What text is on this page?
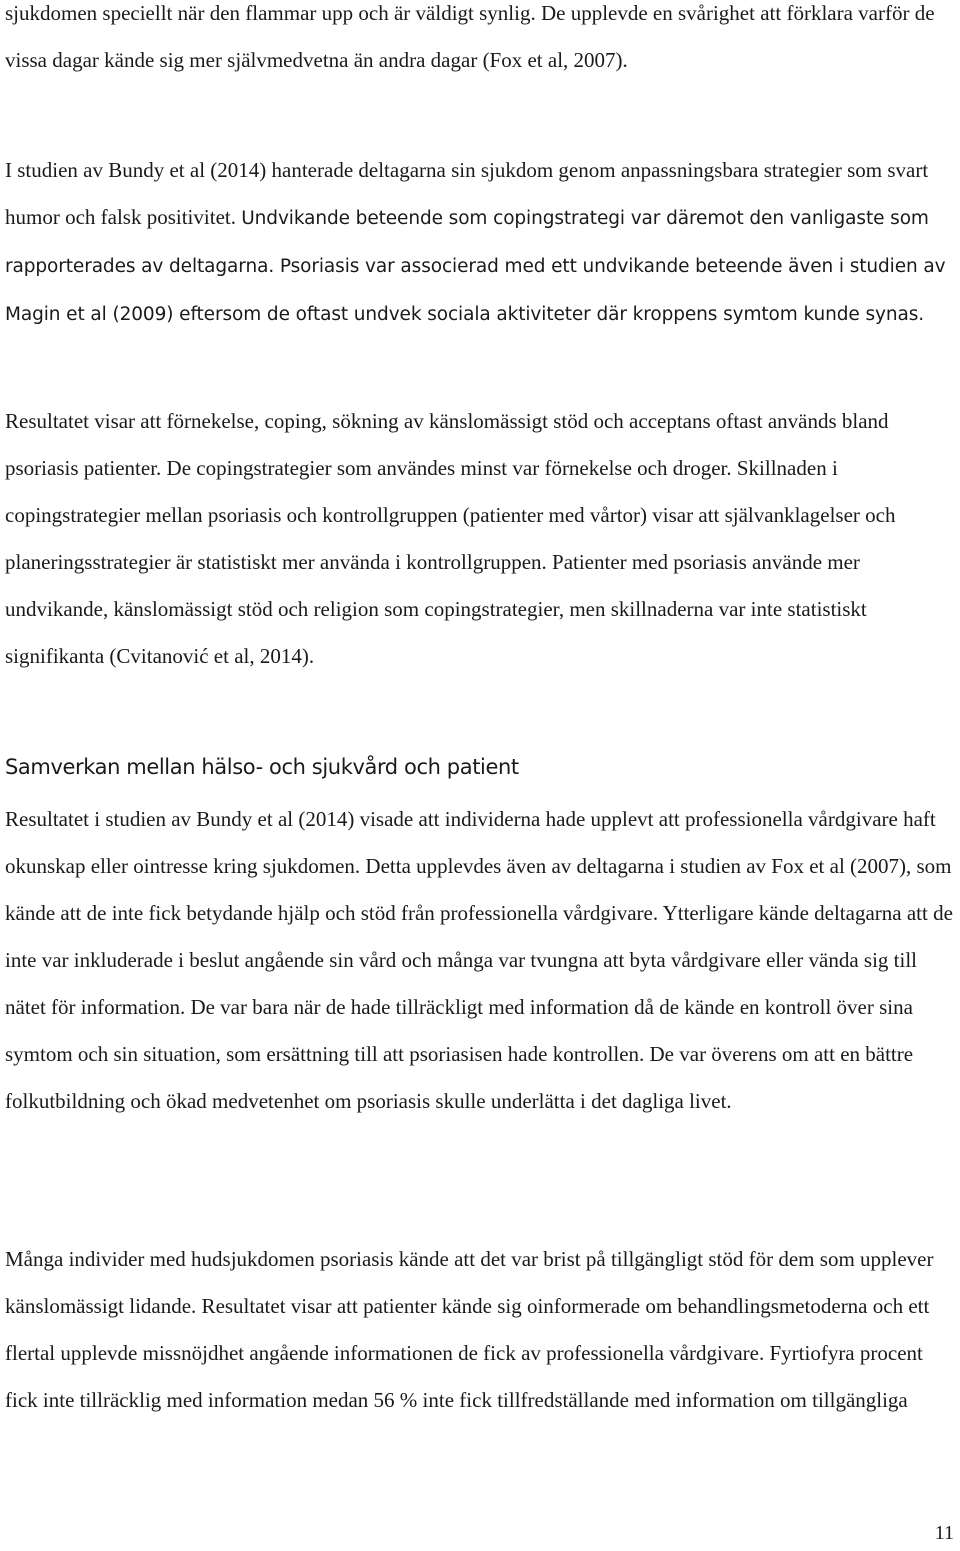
sjukdomen speciellt när den flammar upp och är väldigt synlig. De upplevde en svårighet att förklara varför de vissa dagar kände sig mer självmedvetna än andra dagar (Fox et al, 2007).

I studien av Bundy et al (2014) hanterade deltagarna sin sjukdom genom anpassningsbara strategier som svart humor och falsk positivitet. Undvikande beteende som copingstrategi var däremot den vanligaste som rapporterades av deltagarna. Psoriasis var associerad med ett undvikande beteende även i studien av Magin et al (2009) eftersom de oftast undvek sociala aktiviteter där kroppens symtom kunde synas.

Resultatet visar att förnekelse, coping, sökning av känslomässigt stöd och acceptans oftast används bland psoriasis patienter. De copingstrategier som användes minst var förnekelse och droger. Skillnaden i copingstrategier mellan psoriasis och kontrollgruppen (patienter med vårtor) visar att självanklagelser och planeringsstrategier är statistiskt mer använda i kontrollgruppen. Patienter med psoriasis använde mer undvikande, känslomässigt stöd och religion som copingstrategier, men skillnaderna var inte statistiskt signifikanta (Cvitanović et al, 2014).

Samverkan mellan hälso- och sjukvård och patient

Resultatet i studien av Bundy et al (2014) visade att individerna hade upplevt att professionella vårdgivare haft okunskap eller ointresse kring sjukdomen. Detta upplevdes även av deltagarna i studien av Fox et al (2007), som kände att de inte fick betydande hjälp och stöd från professionella vårdgivare. Ytterligare kände deltagarna att de inte var inkluderade i beslut angående sin vård och många var tvungna att byta vårdgivare eller vända sig till nätet för information. De var bara när de hade tillräckligt med information då de kände en kontroll över sina symtom och sin situation, som ersättning till att psoriasisen hade kontrollen. De var överens om att en bättre folkutbildning och ökad medvetenhet om psoriasis skulle underlätta i det dagliga livet.

Många individer med hudsjukdomen psoriasis kände att det var brist på tillgängligt stöd för dem som upplever känslomässigt lidande. Resultatet visar att patienter kände sig oinformerade om behandlingsmetoderna och ett flertal upplevde missnöjdhet angående informationen de fick av professionella vårdgivare. Fyrtiofyra procent fick inte tillräcklig med information medan 56 % inte fick tillfredställande med information om tillgängliga

11
